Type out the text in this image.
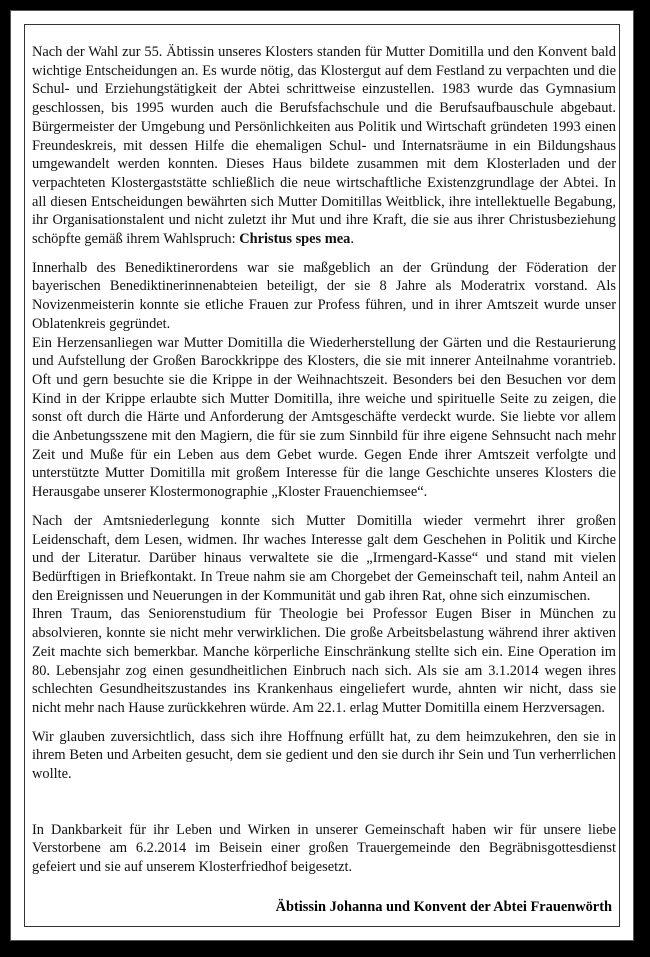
Nach der Wahl zur 55. Äbtissin unseres Klosters standen für Mutter Domitilla und den Konvent bald wichtige Entscheidungen an. Es wurde nötig, das Klostergut auf dem Festland zu verpachten und die Schul- und Erziehungstätigkeit der Abtei schrittweise einzustellen. 1983 wurde das Gymnasium geschlossen, bis 1995 wurden auch die Berufsfachschule und die Berufsaufbauschule abgebaut. Bürgermeister der Umgebung und Persönlichkeiten aus Politik und Wirtschaft gründeten 1993 einen Freundeskreis, mit dessen Hilfe die ehemaligen Schul- und Internatsräume in ein Bildungshaus umgewandelt werden konnten. Dieses Haus bildete zusammen mit dem Klosterladen und der verpachteten Klostergaststätte schließlich die neue wirtschaftliche Existenzgrundlage der Abtei. In all diesen Entscheidungen bewährten sich Mutter Domitillas Weitblick, ihre intellektuelle Begabung, ihr Organisationstalent und nicht zuletzt ihr Mut und ihre Kraft, die sie aus ihrer Christusbeziehung schöpfte gemäß ihrem Wahlspruch: Christus spes mea.

Innerhalb des Benediktinerordens war sie maßgeblich an der Gründung der Föderation der bayerischen Benediktinerinnenabteien beteiligt, der sie 8 Jahre als Moderatrix vorstand. Als Novizenmeisterin konnte sie etliche Frauen zur Profess führen, und in ihrer Amtszeit wurde unser Oblatenkreis gegründet.

Ein Herzensanliegen war Mutter Domitilla die Wiederherstellung der Gärten und die Restaurierung und Aufstellung der Großen Barockkrippe des Klosters, die sie mit innerer Anteilnahme vorantrieb. Oft und gern besuchte sie die Krippe in der Weihnachtszeit. Besonders bei den Besuchen vor dem Kind in der Krippe erlaubte sich Mutter Domitilla, ihre weiche und spirituelle Seite zu zeigen, die sonst oft durch die Härte und Anforderung der Amtsgeschäfte verdeckt wurde. Sie liebte vor allem die Anbetungsszene mit den Magiern, die für sie zum Sinnbild für ihre eigene Sehnsucht nach mehr Zeit und Muße für ein Leben aus dem Gebet wurde. Gegen Ende ihrer Amtszeit verfolgte und unterstützte Mutter Domitilla mit großem Interesse für die lange Geschichte unseres Klosters die Herausgabe unserer Klostermonographie „Kloster Frauenchiemsee“.

Nach der Amtsniederlegung konnte sich Mutter Domitilla wieder vermehrt ihrer großen Leidenschaft, dem Lesen, widmen. Ihr waches Interesse galt dem Geschehen in Politik und Kirche und der Literatur. Darüber hinaus verwaltete sie die „Irmengard-Kasse“ und stand mit vielen Bedürftigen in Briefkontakt. In Treue nahm sie am Chorgebet der Gemeinschaft teil, nahm Anteil an den Ereignissen und Neuerungen in der Kommunität und gab ihren Rat, ohne sich einzumischen.

Ihren Traum, das Seniorenstudium für Theologie bei Professor Eugen Biser in München zu absolvieren, konnte sie nicht mehr verwirklichen. Die große Arbeitsbelastung während ihrer aktiven Zeit machte sich bemerkbar. Manche körperliche Einschränkung stellte sich ein. Eine Operation im 80. Lebensjahr zog einen gesundheitlichen Einbruch nach sich. Als sie am 3.1.2014 wegen ihres schlechten Gesundheitszustandes ins Krankenhaus eingeliefert wurde, ahnten wir nicht, dass sie nicht mehr nach Hause zurückkehren würde. Am 22.1. erlag Mutter Domitilla einem Herzversagen.

Wir glauben zuversichtlich, dass sich ihre Hoffnung erfüllt hat, zu dem heimzukehren, den sie in ihrem Beten und Arbeiten gesucht, dem sie gedient und den sie durch ihr Sein und Tun verherrlichen wollte.

In Dankbarkeit für ihr Leben und Wirken in unserer Gemeinschaft haben wir für unsere liebe Verstorbene am 6.2.2014 im Beisein einer großen Trauergemeinde den Begräbnisgottesdienst gefeiert und sie auf unserem Klosterfriedhof beigesetzt.

Äbtissin Johanna und Konvent der Abtei Frauenwörth
